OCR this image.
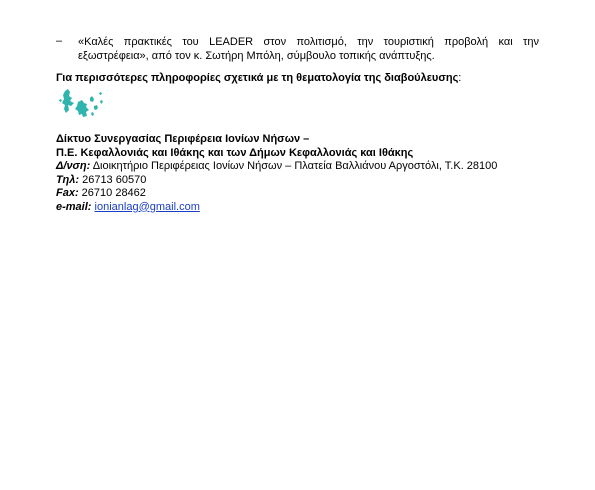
– «Καλές πρακτικές του LEADER στον πολιτισμό, την τουριστική προβολή και την
εξωστρέφεια», από τον κ. Σωτήρη Μπόλη, σύμβουλο τοπικής ανάπτυξης.
Για περισσότερες πληροφορίες σχετικά με τη θεματολογία της διαβούλευσης:
Δίκτυο Συνεργασίας Περιφέρεια Ιονίων Νήσων –
Π.Ε. Κεφαλλονιάς και Ιθάκης και των Δήμων Κεφαλλονιάς και Ιθάκης
Δ/νση: Διοικητήριο Περιφέρειας Ιονίων Νήσων – Πλατεία Βαλλιάνου Αργοστόλι, Τ.Κ. 28100
Τηλ: 26713 60570
Fax: 26710 28462
e-mail: ionianlag@gmail.com
